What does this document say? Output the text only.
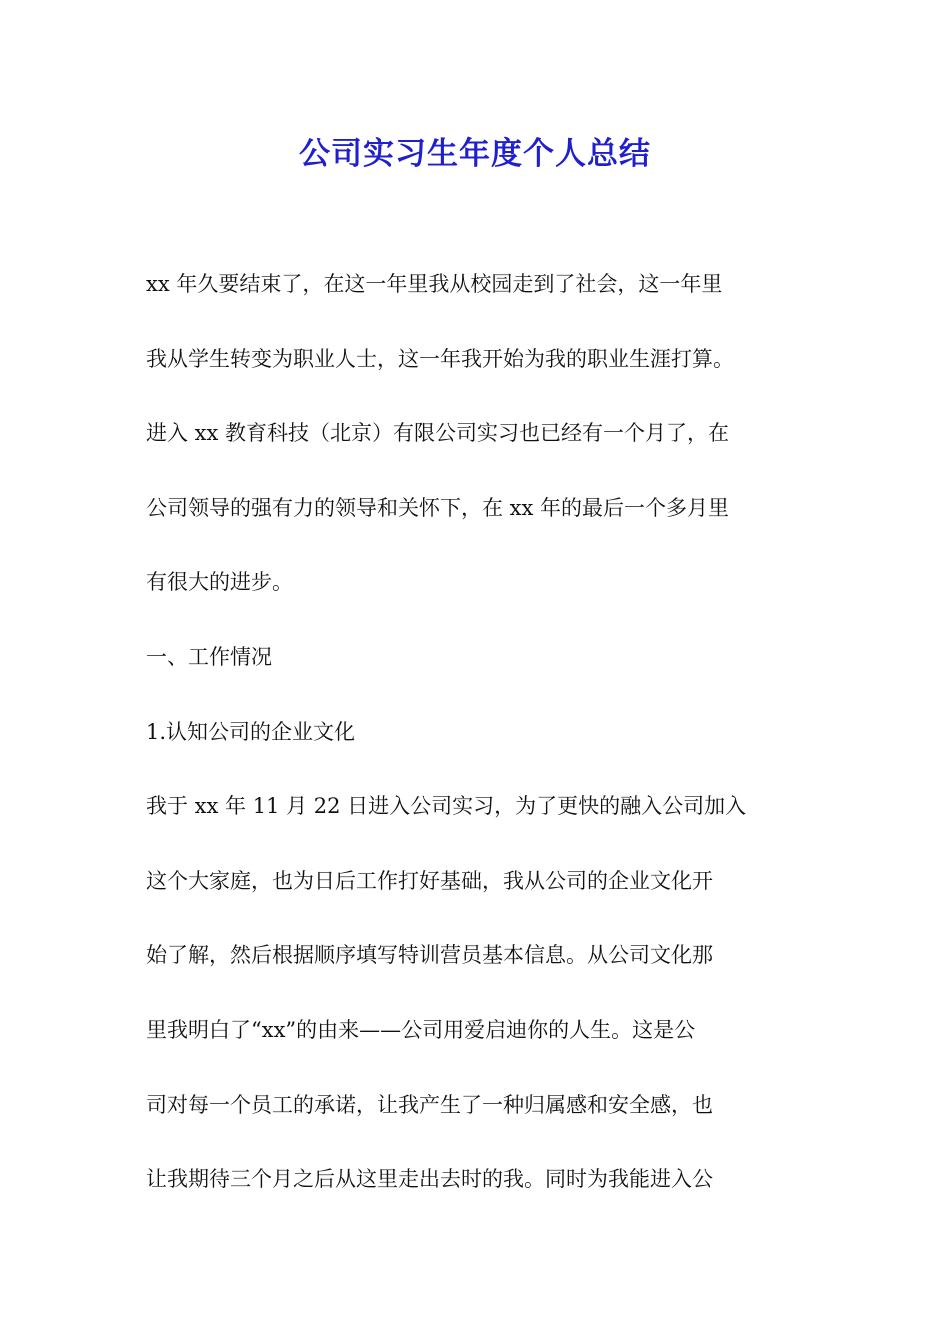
公司实习生年度个人总结
xx 年久要结束了，在这一年里我从校园走到了社会，这一年里
我从学生转变为职业人士，这一年我开始为我的职业生涯打算。
进入 xx 教育科技（北京）有限公司实习也已经有一个月了，在
公司领导的强有力的领导和关怀下，在 xx 年的最后一个多月里
有很大的进步。
一、工作情况
1.认知公司的企业文化
我于 xx 年 11 月 22 日进入公司实习，为了更快的融入公司加入
这个大家庭，也为日后工作打好基础，我从公司的企业文化开
始了解，然后根据顺序填写特训营员基本信息。从公司文化那
里我明白了“xx”的由来——公司用爱启迪你的人生。这是公
司对每一个员工的承诺，让我产生了一种归属感和安全感，也
让我期待三个月之后从这里走出去时的我。同时为我能进入公
